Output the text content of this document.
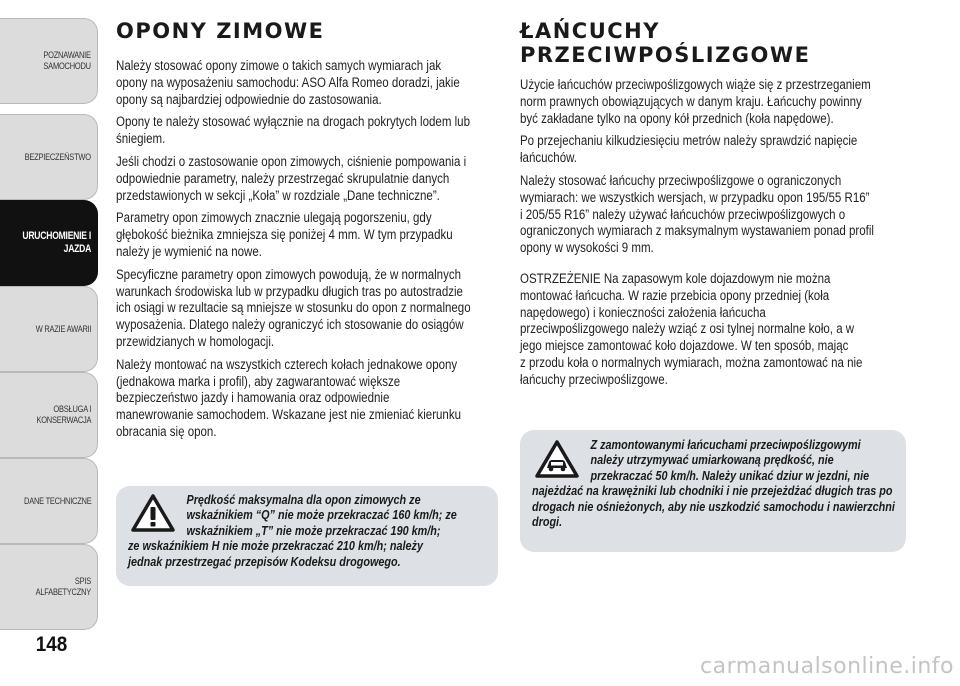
POZNAWANIE
SAMOCHODU
BEZPIECZEŃSTWO
URUCHOMIENIE I
JAZDA
W RAZIE AWARII
OBSŁUGA I
KONSERWACJA
DANE TECHNICZNE
SPIS ALFABETYCZNY
148
OPONY ZIMOWE

Należy stosować opony zimowe o takich samych wymiarach jak
opony na wyposażeniu samochodu: ASO Alfa Romeo doradzi, jakie
opony są najbardziej odpowiednie do zastosowania.

Opony te należy stosować wyłącznie na drogach pokrytych lodem lub
śniegiem.

Jeśli chodzi o zastosowanie opon zimowych, ciśnienie pompowania i
odpowiednie parametry, należy przestrzegać skrupulatnie danych
przedstawionych w sekcji „Koła” w rozdziale „Dane techniczne”.

Parametry opon zimowych znacznie ulegają pogorszeniu, gdy
głębokość bieżnika zmniejsza się poniżej 4 mm. W tym przypadku
należy je wymienić na nowe.

Specyficzne parametry opon zimowych powodują, że w normalnych
warunkach środowiska lub w przypadku długich tras po autostradzie
ich osiągi w rezultacie są mniejsze w stosunku do opon z normalnego
wyposażenia. Dlatego należy ograniczyć ich stosowanie do osiągów
przewidzianych w homologacji.

Należy montować na wszystkich czterech kołach jednakowe opony
(jednakowa marka i profil), aby zagwarantować większe
bezpieczeństwo jazdy i hamowania oraz odpowiednie
manewrowanie samochodem. Wskazane jest nie zmieniać kierunku
obracania się opon.

Prędkość maksymalna dla opon zimowych ze
wskaźnikiem “Q” nie może przekraczać 160 km/h; ze
wskaźnikiem „T” nie może przekraczać 190 km/h;
ze wskaźnikiem H nie może przekraczać 210 km/h; należy
jednak przestrzegać przepisów Kodeksu drogowego.
ŁAŃCUCHY
PRZECIWPOŚLIZGOWE

Użycie łańcuchów przeciwpoślizgowych wiąże się z przestrzeganiem
norm prawnych obowiązujących w danym kraju. Łańcuchy powinny
być zakładane tylko na opony kół przednich (koła napędowe).

Po przejechaniu kilkudziesięciu metrów należy sprawdzić napięcie
łańcuchów.

Należy stosować łańcuchy przeciwpoślizgowe o ograniczonych
wymiarach: we wszystkich wersjach, w przypadku opon 195/55 R16”
i 205/55 R16” należy używać łańcuchów przeciwpoślizgowych o
ograniczonych wymiarach z maksymalnym wystawaniem ponad profil
opony w wysokości 9 mm.

OSTRZEŻENIE Na zapasowym kole dojazdowym nie można
montować łańcucha. W razie przebicia opony przedniej (koła
napędowego) i konieczności założenia łańcucha
przeciwpoślizgowego należy wziąć z osi tylnej normalne koło, a w
jego miejsce zamontować koło dojazdowe. W ten sposób, mając
z przodu koła o normalnych wymiarach, można zamontować na nie
łańcuchy przeciwpoślizgowe.

Z zamontowanymi łańcuchami przeciwpoślizgowymi
należy utrzymywać umiarkowaną prędkość, nie
przekraczać 50 km/h. Należy unikać dziur w jezdni, nie
najeżdżać na krawężniki lub chodniki i nie przejeżdżać długich tras po
drogach nie ośnieżonych, aby nie uszkodzić samochodu i nawierzchni
drogi.
carmanualsonline.info
